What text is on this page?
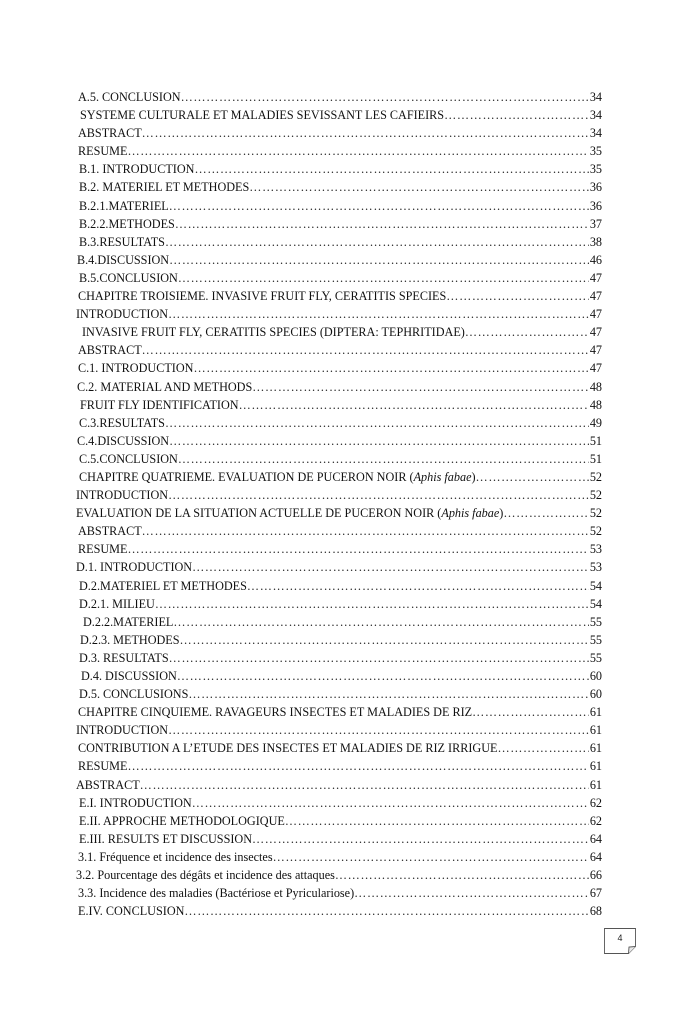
A.5. CONCLUSION ……………………………………………………………………………………………………………………………………………………………………………………………………………………	34
SYSTEME CULTURALE ET MALADIES SEVISSANT LES CAFIEIRS ……………………………………………………………………………………………………………………………………………………………………………………………………………………	34
ABSTRACT ……………………………………………………………………………………………………………………………………………………………………………………………………………………	34
RESUME ……………………………………………………………………………………………………………………………………………………………………………………………………………………	35
B.1. INTRODUCTION ……………………………………………………………………………………………………………………………………………………………………………………………………………………	35
B.2. MATERIEL ET METHODES ……………………………………………………………………………………………………………………………………………………………………………………………………………………	36
B.2.1.MATERIEL ……………………………………………………………………………………………………………………………………………………………………………………………………………………	36
B.2.2.METHODES ……………………………………………………………………………………………………………………………………………………………………………………………………………………	37
B.3.RESULTATS ……………………………………………………………………………………………………………………………………………………………………………………………………………………	38
B.4.DISCUSSION ……………………………………………………………………………………………………………………………………………………………………………………………………………………	46
B.5.CONCLUSION ……………………………………………………………………………………………………………………………………………………………………………………………………………………	47
CHAPITRE TROISIEME. INVASIVE FRUIT FLY, CERATITIS SPECIES ……………………………………………………………………………………………………………………………………………………………………………………………………………………	47
INTRODUCTION ……………………………………………………………………………………………………………………………………………………………………………………………………………………	47
INVASIVE FRUIT FLY, CERATITIS SPECIES (DIPTERA: TEPHRITIDAE) ……………………………………………………………………………………………………………………………………………………………………………………………………………………	47
ABSTRACT ……………………………………………………………………………………………………………………………………………………………………………………………………………………	47
C.1. INTRODUCTION ……………………………………………………………………………………………………………………………………………………………………………………………………………………	47
C.2. MATERIAL AND METHODS ……………………………………………………………………………………………………………………………………………………………………………………………………………………	48
FRUIT FLY IDENTIFICATION ……………………………………………………………………………………………………………………………………………………………………………………………………………………	48
C.3.RESULTATS ……………………………………………………………………………………………………………………………………………………………………………………………………………………	49
C.4.DISCUSSION ……………………………………………………………………………………………………………………………………………………………………………………………………………………	51
C.5.CONCLUSION ……………………………………………………………………………………………………………………………………………………………………………………………………………………	51
CHAPITRE QUATRIEME. EVALUATION DE PUCERON NOIR (Aphis fabae) ……………………………………………………………………………………………………………………………………………………………………………………………………………………	52
INTRODUCTION ……………………………………………………………………………………………………………………………………………………………………………………………………………………	52
EVALUATION DE LA SITUATION ACTUELLE DE PUCERON NOIR (Aphis fabae) ……………………………………………………………………………………………………………………………………………………………………………………………………………………	52
ABSTRACT ……………………………………………………………………………………………………………………………………………………………………………………………………………………	52
RESUME ……………………………………………………………………………………………………………………………………………………………………………………………………………………	53
D.1. INTRODUCTION ……………………………………………………………………………………………………………………………………………………………………………………………………………………	53
D.2.MATERIEL ET METHODES ……………………………………………………………………………………………………………………………………………………………………………………………………………………	54
D.2.1. MILIEU ……………………………………………………………………………………………………………………………………………………………………………………………………………………	54
D.2.2.MATERIEL ……………………………………………………………………………………………………………………………………………………………………………………………………………………	55
D.2.3. METHODES ……………………………………………………………………………………………………………………………………………………………………………………………………………………	55
D.3. RESULTATS ……………………………………………………………………………………………………………………………………………………………………………………………………………………	55
D.4. DISCUSSION ……………………………………………………………………………………………………………………………………………………………………………………………………………………	60
D.5. CONCLUSIONS ……………………………………………………………………………………………………………………………………………………………………………………………………………………	60
CHAPITRE CINQUIEME. RAVAGEURS INSECTES ET MALADIES DE RIZ ……………………………………………………………………………………………………………………………………………………………………………………………………………………	61
INTRODUCTION ……………………………………………………………………………………………………………………………………………………………………………………………………………………	61
CONTRIBUTION A L’ETUDE DES INSECTES ET MALADIES DE RIZ IRRIGUE ……………………………………………………………………………………………………………………………………………………………………………………………………………………	61
RESUME ……………………………………………………………………………………………………………………………………………………………………………………………………………………	61
ABSTRACT ……………………………………………………………………………………………………………………………………………………………………………………………………………………	61
E.I. INTRODUCTION ……………………………………………………………………………………………………………………………………………………………………………………………………………………	62
E.II. APPROCHE METHODOLOGIQUE ……………………………………………………………………………………………………………………………………………………………………………………………………………………	62
E.III. RESULTS ET DISCUSSION ……………………………………………………………………………………………………………………………………………………………………………………………………………………	64
3.1. Fréquence et incidence des insectes ……………………………………………………………………………………………………………………………………………………………………………………………………………………	64
3.2. Pourcentage des dégâts et incidence des attaques ……………………………………………………………………………………………………………………………………………………………………………………………………………………	66
3.3. Incidence des maladies (Bactériose et Pyriculariose) ……………………………………………………………………………………………………………………………………………………………………………………………………………………	67
E.IV. CONCLUSION ……………………………………………………………………………………………………………………………………………………………………………………………………………………	68
4
